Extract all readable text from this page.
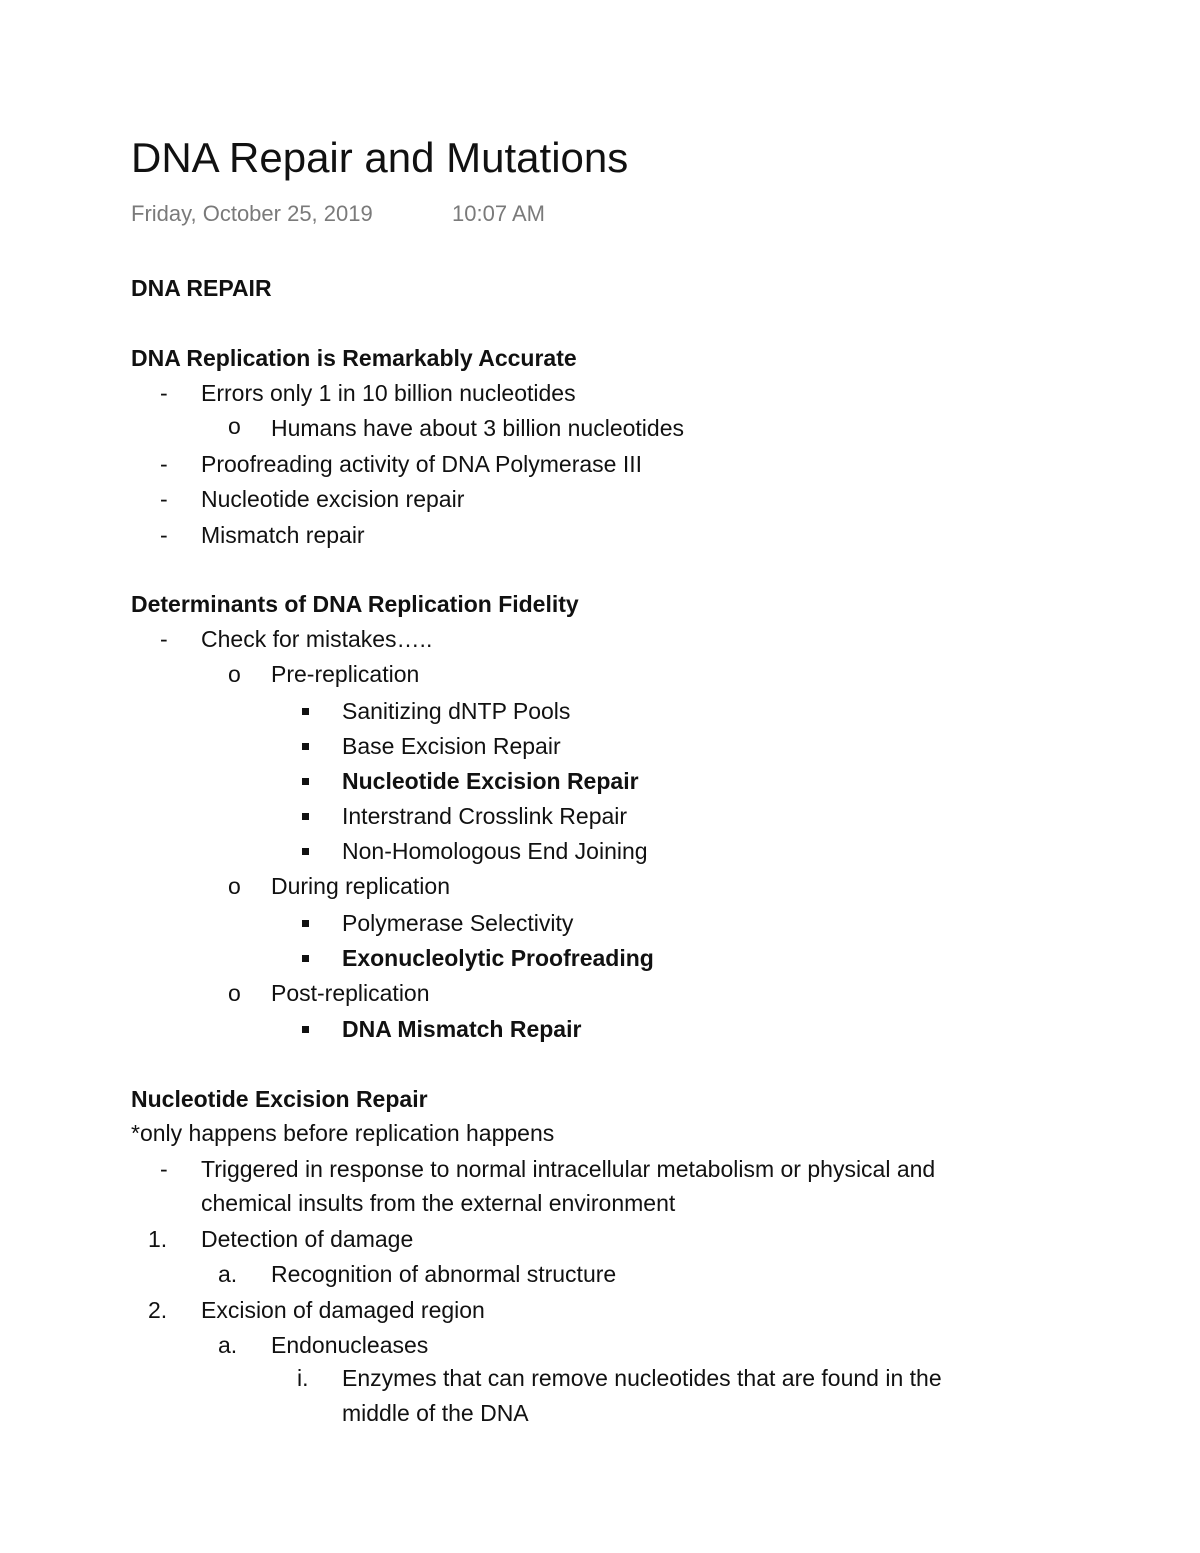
DNA Repair and Mutations
Friday, October 25, 2019	10:07 AM
DNA REPAIR
DNA Replication is Remarkably Accurate
- Errors only 1 in 10 billion nucleotides
o Humans have about 3 billion nucleotides
- Proofreading activity of DNA Polymerase III
- Nucleotide excision repair
- Mismatch repair
Determinants of DNA Replication Fidelity
- Check for mistakes…..
o Pre-replication
Sanitizing dNTP Pools
Base Excision Repair
Nucleotide Excision Repair
Interstrand Crosslink Repair
Non-Homologous End Joining
o During replication
Polymerase Selectivity
Exonucleolytic Proofreading
o Post-replication
DNA Mismatch Repair
Nucleotide Excision Repair
*only happens before replication happens
- Triggered in response to normal intracellular metabolism or physical and
chemical insults from the external environment
1. Detection of damage
a. Recognition of abnormal structure
2. Excision of damaged region
a. Endonucleases
i. Enzymes that can remove nucleotides that are found in the
middle of the DNA
